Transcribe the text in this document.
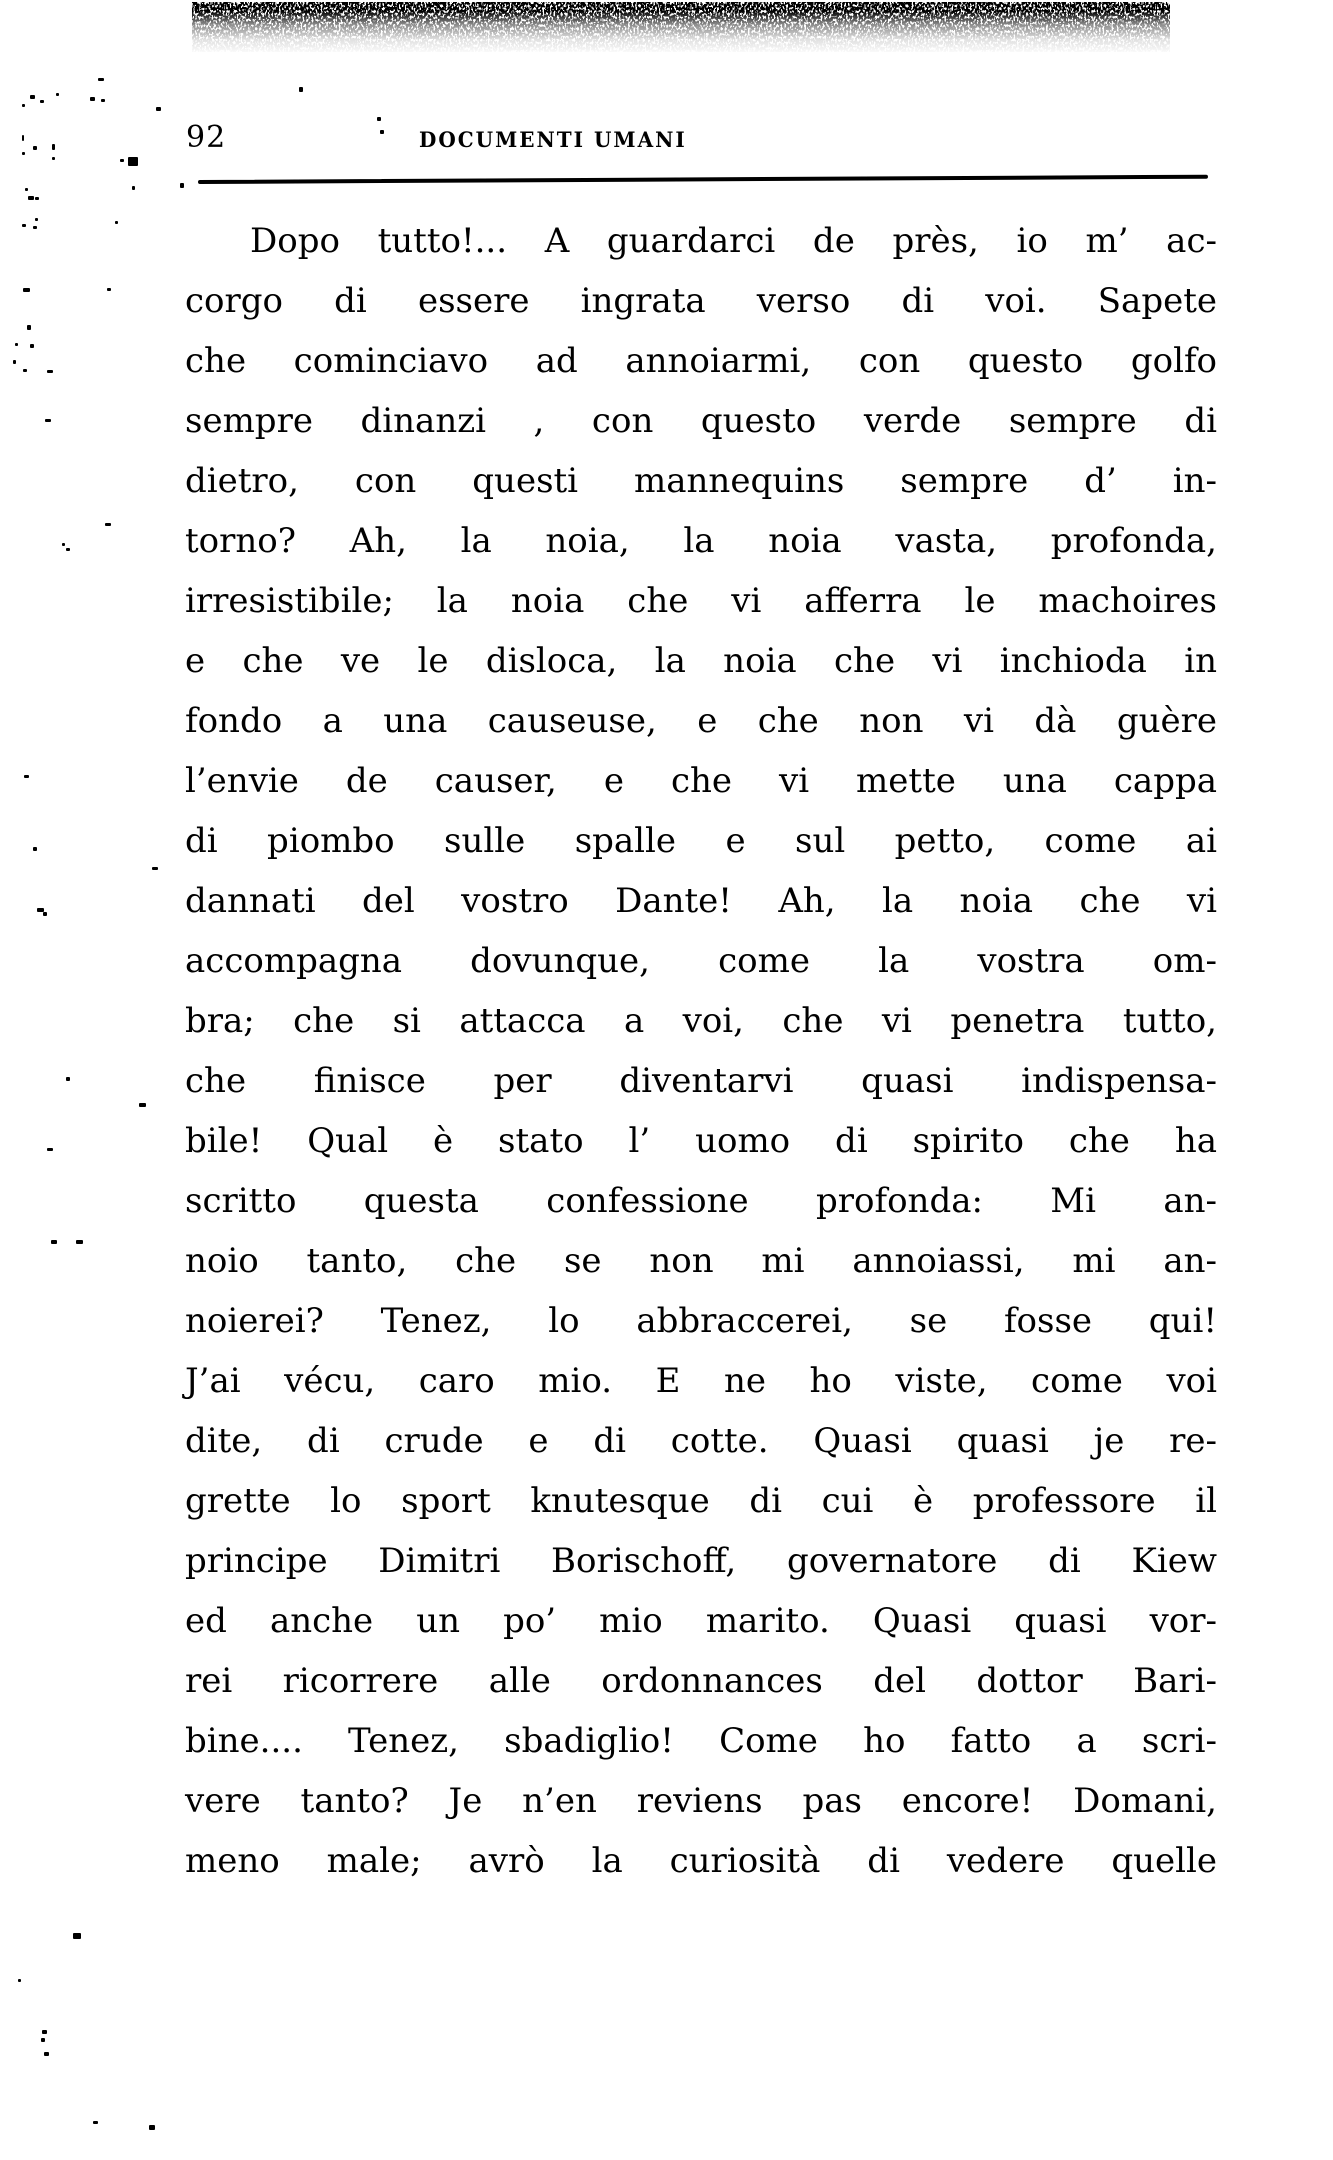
92	DOCUMENTI UMANI
Dopo tutto!... A guardarci de près, io m’ ac-
corgo di essere ingrata verso di voi. Sapete
che cominciavo ad annoiarmi, con questo golfo
sempre dinanzi , con questo verde sempre di
dietro, con questi mannequins sempre d’ in-
torno? Ah, la noia, la noia vasta, profonda,
irresistibile; la noia che vi afferra le machoires
e che ve le disloca, la noia che vi inchioda in
fondo a una causeuse, e che non vi dà guère
l’envie de causer, e che vi mette una cappa
di piombo sulle spalle e sul petto, come ai
dannati del vostro Dante! Ah, la noia che vi
accompagna dovunque, come la vostra om-
bra; che si attacca a voi, che vi penetra tutto,
che finisce per diventarvi quasi indispensa-
bile! Qual è stato l’ uomo di spirito che ha
scritto questa confessione profonda: Mi an-
noio tanto, che se non mi annoiassi, mi an-
noierei? Tenez, lo abbraccerei, se fosse qui!
J’ai vécu, caro mio. E ne ho viste, come voi
dite, di crude e di cotte. Quasi quasi je re-
grette lo sport knutesque di cui è professore il
principe Dimitri Borischoff, governatore di Kiew
ed anche un po’ mio marito. Quasi quasi vor-
rei ricorrere alle ordonnances del dottor Bari-
bine.... Tenez, sbadiglio! Come ho fatto a scri-
vere tanto? Je n’en reviens pas encore! Domani,
meno male; avrò la curiosità di vedere quelle
